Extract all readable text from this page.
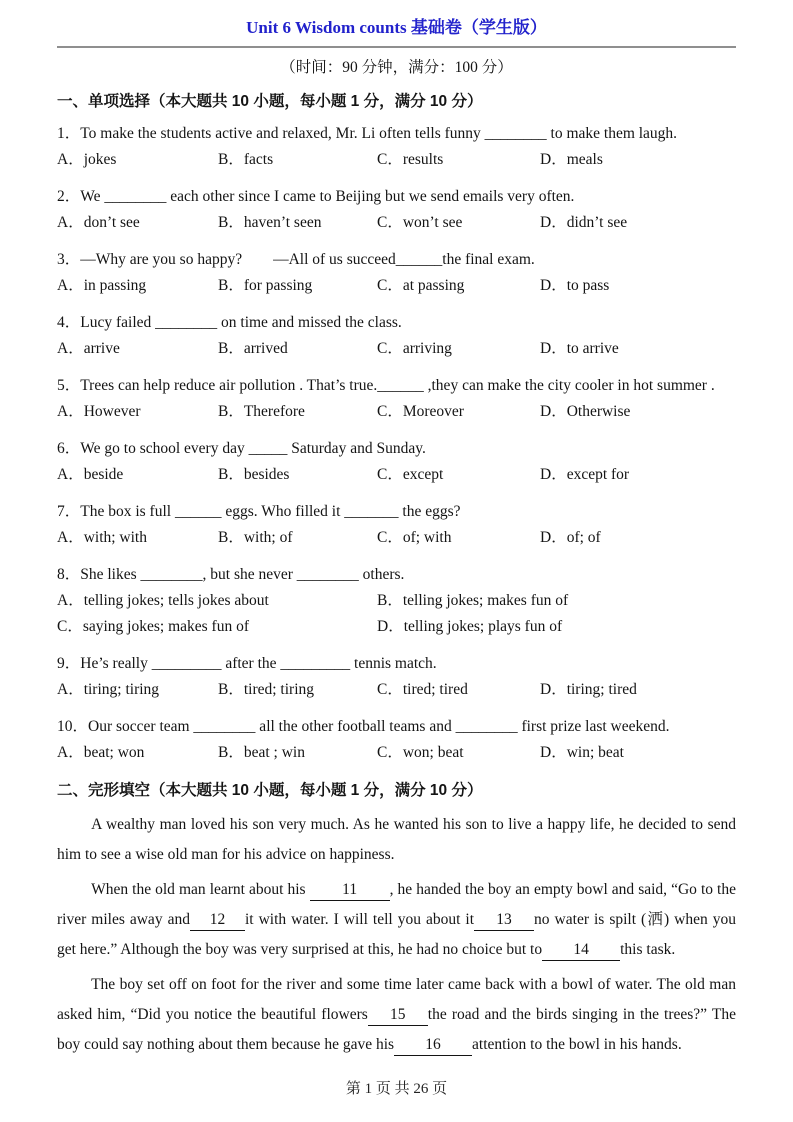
Unit 6 Wisdom counts 基础卷（学生版）
（时间：90 分钟，满分：100 分）
一、单项选择（本大题共 10 小题，每小题 1 分，满分 10 分）
1．To make the students active and relaxed, Mr. Li often tells funny ________ to make them laugh.
A．jokes	B．facts	C．results	D．meals
2．We ________ each other since I came to Beijing but we send emails very often.
A．don’t see	B．haven’t seen	C．won’t see	D．didn’t see
3．—Why are you so happy?　　—All of us succeed______the final exam.
A．in passing	B．for passing	C．at passing	D．to pass
4．Lucy failed ________ on time and missed the class.
A．arrive	B．arrived	C．arriving	D．to arrive
5．Trees can help reduce air pollution . That’s true.______ ,they can make the city cooler in hot summer .
A．However	B．Therefore	C．Moreover	D．Otherwise
6．We go to school every day _____ Saturday and Sunday.
A．beside	B．besides	C．except	D．except for
7．The box is full ______ eggs. Who filled it _______ the eggs?
A．with; with	B．with; of	C．of; with	D．of; of
8．She likes ________, but she never ________ others.
A．telling jokes; tells jokes about	B．telling jokes; makes fun of
C．saying jokes; makes fun of	D．telling jokes; plays fun of
9．He’s really _________ after the _________ tennis match.
A．tiring; tiring	B．tired; tiring	C．tired; tired	D．tiring; tired
10．Our soccer team ________ all the other football teams and ________ first prize last weekend.
A．beat; won	B．beat ; win	C．won; beat	D．win; beat
二、完形填空（本大题共 10 小题，每小题 1 分，满分 10 分）

A wealthy man loved his son very much. As he wanted his son to live a happy life, he decided to send him to see a wise old man for his advice on happiness.

When the old man learnt about his 11 , he handed the boy an empty bowl and said, “Go to the river miles away and 12 it with water. I will tell you about it 13 no water is spilt (洒) when you get here.” Although the boy was very surprised at this, he had no choice but to 14 this task.

The boy set off on foot for the river and some time later came back with a bowl of water. The old man asked him, “Did you notice the beautiful flowers 15 the road and the birds singing in the trees?” The boy could say nothing about them because he gave his 16 attention to the bowl in his hands.

第 1 页 共 26 页
